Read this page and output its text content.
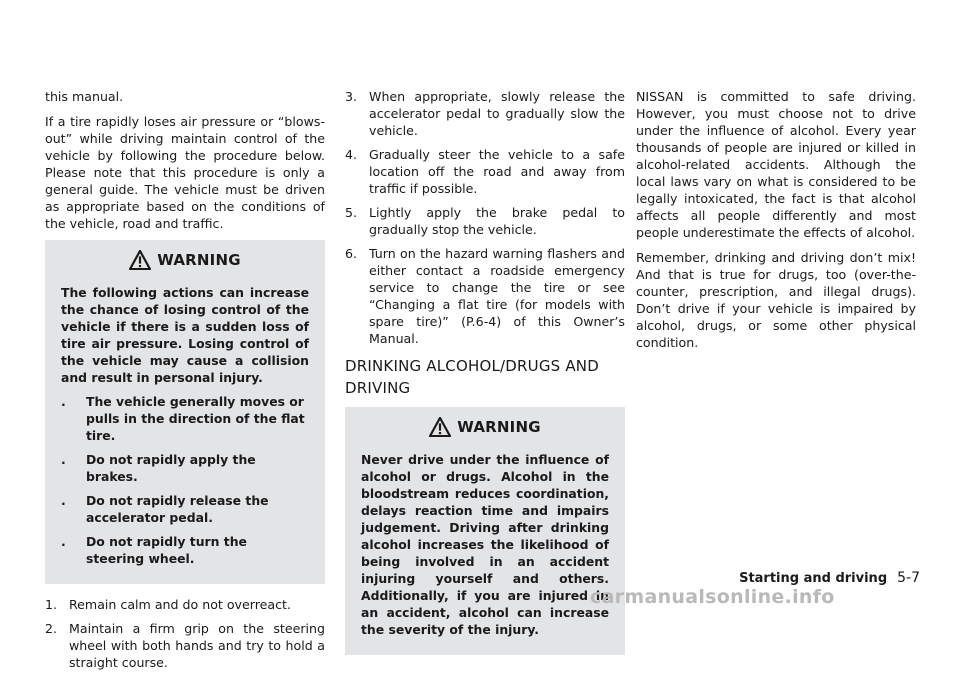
this manual.

If a tire rapidly loses air pressure or “blows-out” while driving maintain control of the vehicle by following the procedure below. Please note that this procedure is only a general guide. The vehicle must be driven as appropriate based on the conditions of the vehicle, road and traffic.

WARNING

The following actions can increase the chance of losing control of the vehicle if there is a sudden loss of tire air pressure. Losing control of the vehicle may cause a collision and result in personal injury.

.	The vehicle generally moves or pulls in the direction of the flat tire.
.	Do not rapidly apply the brakes.
.	Do not rapidly release the accelerator pedal.
.	Do not rapidly turn the steering wheel.
1. Remain calm and do not overreact.
2. Maintain a firm grip on the steering wheel with both hands and try to hold a straight course.
3. When appropriate, slowly release the accelerator pedal to gradually slow the vehicle.
4. Gradually steer the vehicle to a safe location off the road and away from traffic if possible.
5. Lightly apply the brake pedal to gradually stop the vehicle.
6. Turn on the hazard warning flashers and either contact a roadside emergency service to change the tire or see “Changing a flat tire (for models with spare tire)” (P.6-4) of this Owner’s Manual.
DRINKING ALCOHOL/DRUGS AND DRIVING
WARNING

Never drive under the influence of alcohol or drugs. Alcohol in the bloodstream reduces coordination, delays reaction time and impairs judgement. Driving after drinking alcohol increases the likelihood of being involved in an accident injuring yourself and others. Additionally, if you are injured in an accident, alcohol can increase the severity of the injury.

NISSAN is committed to safe driving. However, you must choose not to drive under the influence of alcohol. Every year thousands of people are injured or killed in alcohol-related accidents. Although the local laws vary on what is considered to be legally intoxicated, the fact is that alcohol affects all people differently and most people underestimate the effects of alcohol.

Remember, drinking and driving don’t mix! And that is true for drugs, too (over-the-counter, prescription, and illegal drugs). Don’t drive if your vehicle is impaired by alcohol, drugs, or some other physical condition.

Starting and driving 5-7
carmanualsonline.info
